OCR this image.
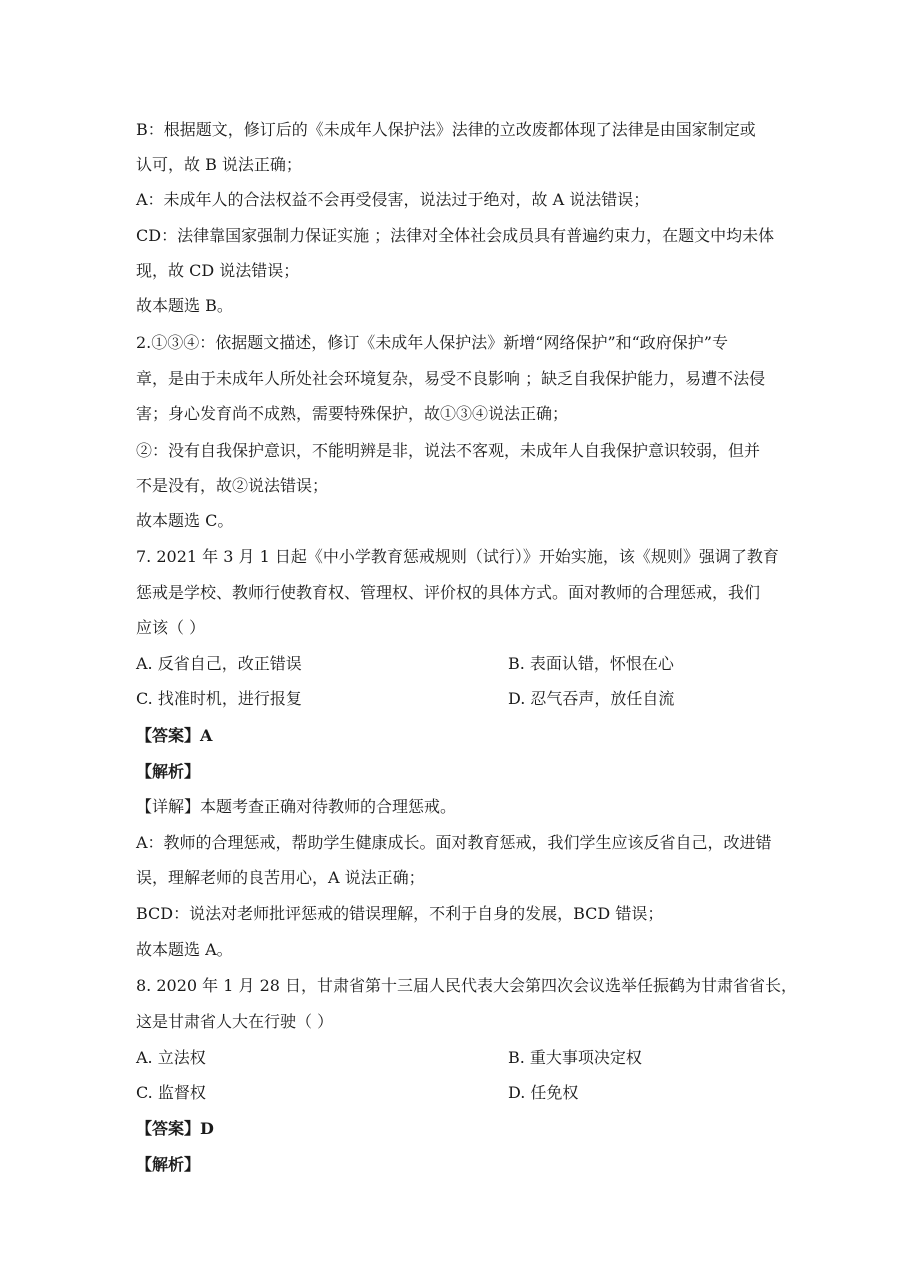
B：根据题文，修订后的《未成年人保护法》法律的立改废都体现了法律是由国家制定或
认可，故 B 说法正确；
A：未成年人的合法权益不会再受侵害，说法过于绝对，故 A 说法错误；
CD：法律靠国家强制力保证实施 ；法律对全体社会成员具有普遍约束力，在题文中均未体
现，故 CD 说法错误；
故本题选 B。
2.①③④：依据题文描述，修订《未成年人保护法》新增“网络保护”和“政府保护”专
章，是由于未成年人所处社会环境复杂，易受不良影响 ；缺乏自我保护能力，易遭不法侵
害；身心发育尚不成熟，需要特殊保护，故①③④说法正确；
②：没有自我保护意识，不能明辨是非，说法不客观，未成年人自我保护意识较弱，但并
不是没有，故②说法错误；
故本题选 C。
7. 2021 年 3 月 1 日起《中小学教育惩戒规则（试行）》开始实施，该《规则》强调了教育
惩戒是学校、教师行使教育权、管理权、评价权的具体方式。面对教师的合理惩戒，我们
应该（ ）
A. 反省自己，改正错误	B. 表面认错，怀恨在心
C. 找准时机，进行报复	D. 忍气吞声，放任自流
【答案】A
【解析】
【详解】本题考查正确对待教师的合理惩戒。
A：教师的合理惩戒，帮助学生健康成长。面对教育惩戒，我们学生应该反省自己，改进错
误，理解老师的良苦用心，A 说法正确；
BCD：说法对老师批评惩戒的错误理解，不利于自身的发展，BCD 错误；
故本题选 A。
8. 2020 年 1 月 28 日，甘肃省第十三届人民代表大会第四次会议选举任振鹤为甘肃省省长，
这是甘肃省人大在行驶（ ）
A. 立法权	B. 重大事项决定权
C. 监督权	D. 任免权
【答案】D
【解析】
